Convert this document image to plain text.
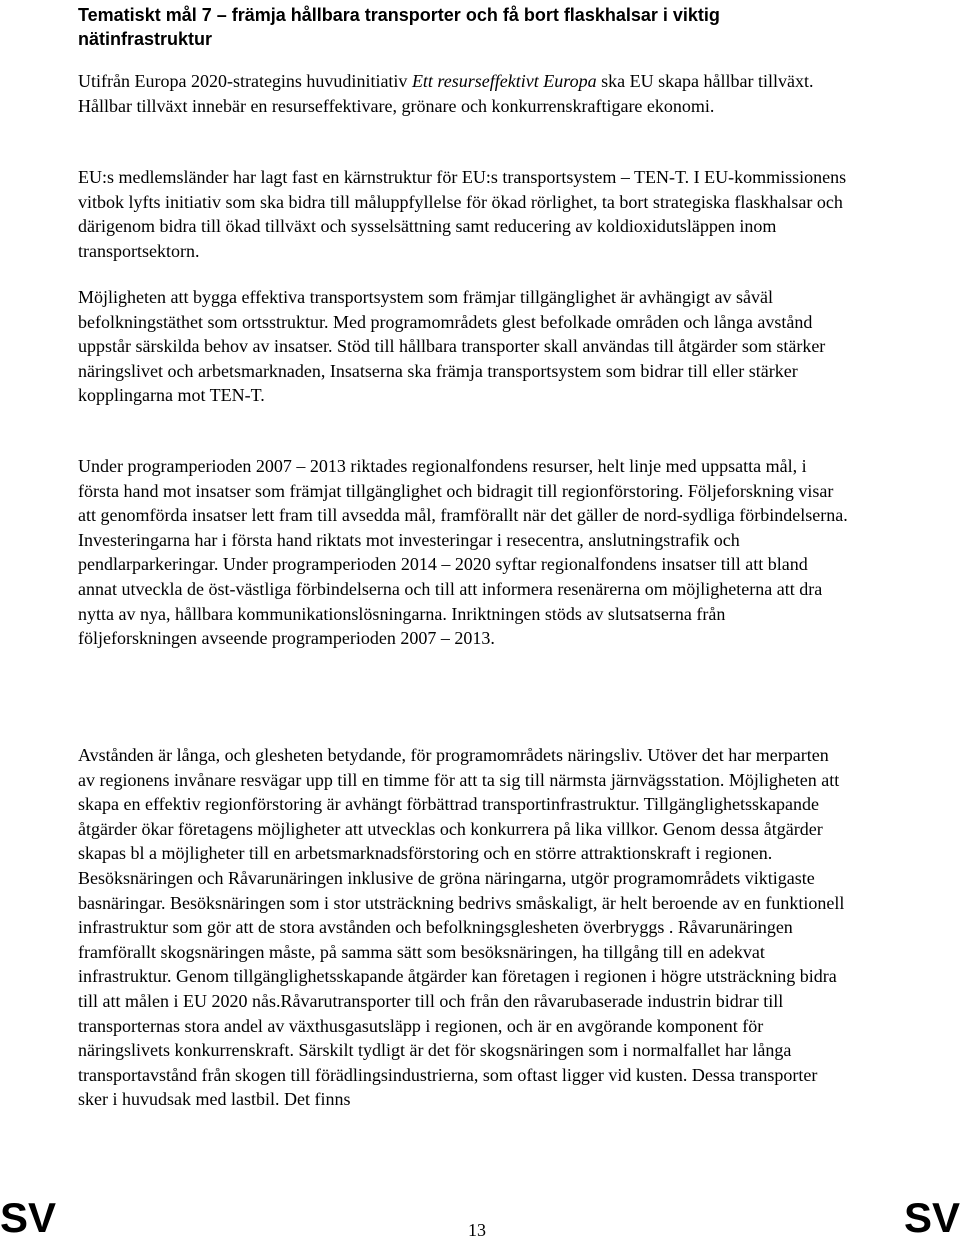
Tematiskt mål 7 – främja hållbara transporter och få bort flaskhalsar i viktig nätinfrastruktur

Utifrån Europa 2020-strategins huvudinitiativ Ett resurseffektivt Europa ska EU skapa hållbar tillväxt. Hållbar tillväxt innebär en resurseffektivare, grönare och konkurrenskraftigare ekonomi.

EU:s medlemsländer har lagt fast en kärnstruktur för EU:s transportsystem – TEN-T. I EU-kommissionens vitbok lyfts initiativ som ska bidra till måluppfyllelse för ökad rörlighet, ta bort strategiska flaskhalsar och därigenom bidra till ökad tillväxt och sysselsättning samt reducering av koldioxidutsläppen inom transportsektorn.

Möjligheten att bygga effektiva transportsystem som främjar tillgänglighet är avhängigt av såväl befolkningstäthet som ortsstruktur. Med programområdets glest befolkade områden och långa avstånd uppstår särskilda behov av insatser. Stöd till hållbara transporter skall användas till åtgärder som stärker näringslivet och arbetsmarknaden, Insatserna ska främja transportsystem som bidrar till eller stärker kopplingarna mot TEN-T.

Under programperioden 2007 – 2013 riktades regionalfondens resurser, helt linje med uppsatta mål, i första hand mot insatser som främjat tillgänglighet och bidragit till regionförstoring. Följeforskning visar att genomförda insatser lett fram till avsedda mål, framförallt när det gäller de nord-sydliga förbindelserna. Investeringarna har i första hand riktats mot investeringar i resecentra, anslutningstrafik och pendlarparkeringar. Under programperioden 2014 – 2020 syftar regionalfondens insatser till att bland annat utveckla de öst-västliga förbindelserna och till att informera resenärerna om möjligheterna att dra nytta av nya, hållbara kommunikationslösningarna. Inriktningen stöds av slutsatserna från följeforskningen avseende programperioden 2007 – 2013.

Avstånden är långa, och glesheten betydande, för programområdets näringsliv. Utöver det har merparten av regionens invånare resvägar upp till en timme för att ta sig till närmsta järnvägsstation. Möjligheten att skapa en effektiv regionförstoring är avhängt förbättrad transportinfrastruktur. Tillgänglighetsskapande åtgärder ökar företagens möjligheter att utvecklas och konkurrera på lika villkor. Genom dessa åtgärder skapas bl a möjligheter till en arbetsmarknadsförstoring och en större attraktionskraft i regionen. Besöksnäringen och Råvarunäringen inklusive de gröna näringarna, utgör programområdets viktigaste basnäringar. Besöksnäringen som i stor utsträckning bedrivs småskaligt, är helt beroende av en funktionell infrastruktur som gör att de stora avstånden och befolkningsglesheten överbryggs . Råvarunäringen framförallt skogsnäringen måste, på samma sätt som besöksnäringen, ha tillgång till en adekvat infrastruktur. Genom tillgänglighetsskapande åtgärder kan företagen i regionen i högre utsträckning bidra till att målen i EU 2020 nås.Råvarutransporter till och från den råvarubaserade industrin bidrar till transporternas stora andel av växthusgasutsläpp i regionen, och är en avgörande komponent för näringslivets konkurrenskraft. Särskilt tydligt är det för skogsnäringen som i normalfallet har långa transportavstånd från skogen till förädlingsindustrierna, som oftast ligger vid kusten. Dessa transporter sker i huvudsak med lastbil. Det finns

SV	13	SV
